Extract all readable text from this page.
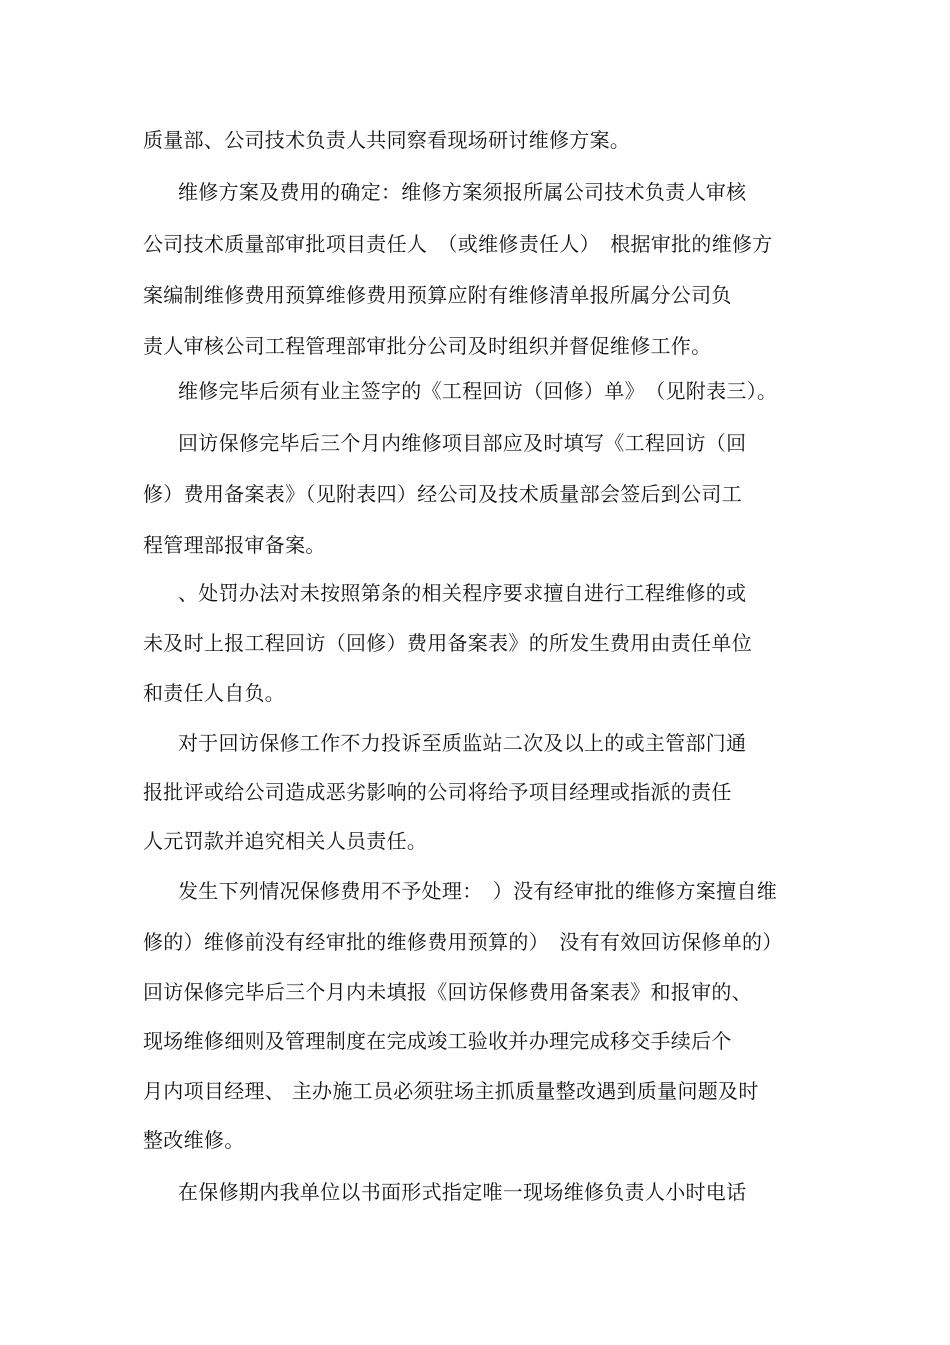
质量部、公司技术负责人共同察看现场研讨维修方案。
维修方案及费用的确定：维修方案须报所属公司技术负责人审核
公司技术质量部审批项目责任人　（或维修责任人）　根据审批的维修方
案编制维修费用预算维修费用预算应附有维修清单报所属分公司负
责人审核公司工程管理部审批分公司及时组织并督促维修工作。
维修完毕后须有业主签字的《工程回访（回修）单》　（见附表三）。
回访保修完毕后三个月内维修项目部应及时填写《工程回访（回
修）费用备案表》（见附表四）经公司及技术质量部会签后到公司工
程管理部报审备案。
、处罚办法对未按照第条的相关程序要求擅自进行工程维修的或
未及时上报工程回访（回修）费用备案表》的所发生费用由责任单位
和责任人自负。
对于回访保修工作不力投诉至质监站二次及以上的或主管部门通
报批评或给公司造成恶劣影响的公司将给予项目经理或指派的责任
人元罚款并追究相关人员责任。
发生下列情况保修费用不予处理：　）没有经审批的维修方案擅自维
修的）维修前没有经审批的维修费用预算的）　没有有效回访保修单的）
回访保修完毕后三个月内未填报《回访保修费用备案表》和报审的、
现场维修细则及管理制度在完成竣工验收并办理完成移交手续后个
月内项目经理、 主办施工员必须驻场主抓质量整改遇到质量问题及时
整改维修。
在保修期内我单位以书面形式指定唯一现场维修负责人小时电话
